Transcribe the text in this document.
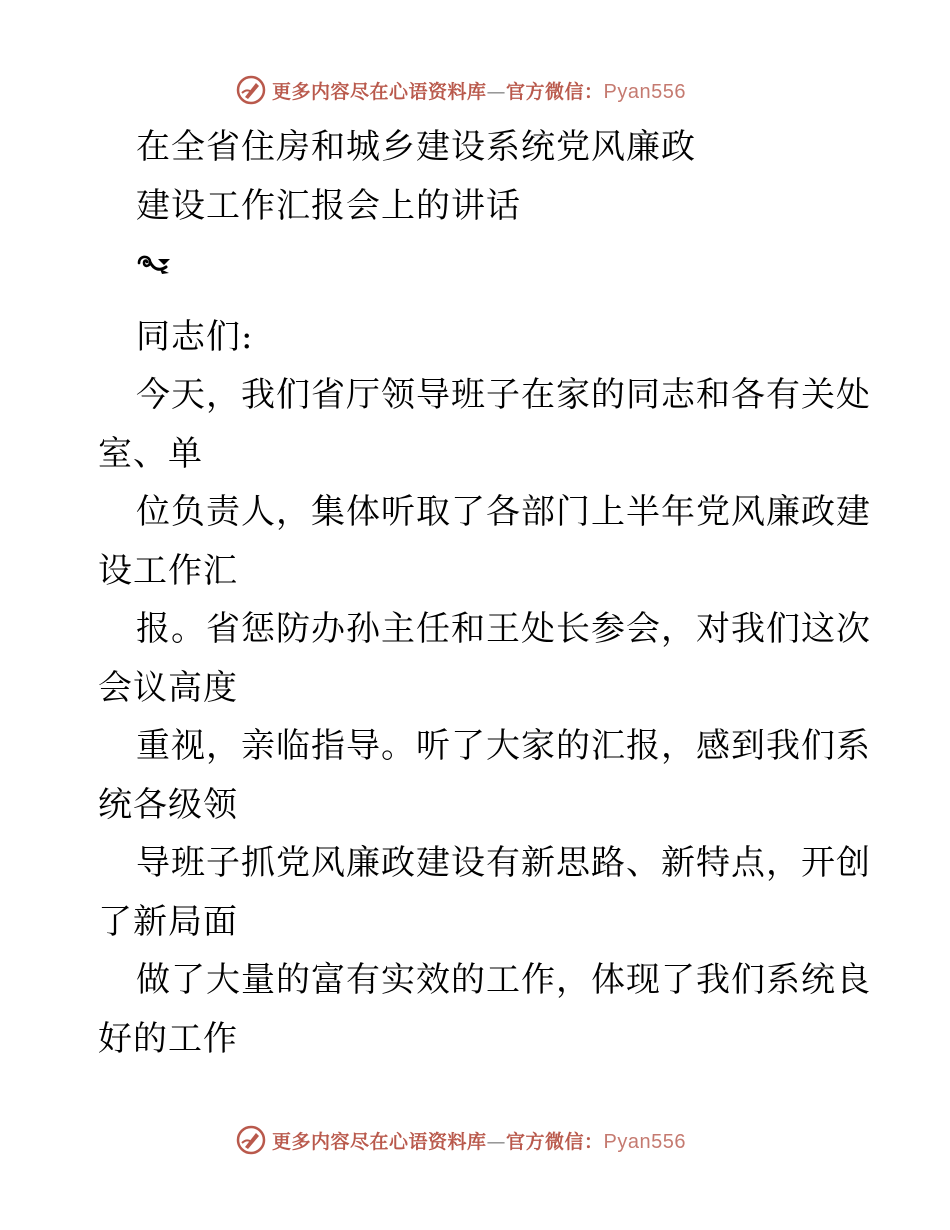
更多内容尽在心语资料库—官方微信：Pyan556
在全省住房和城乡建设系统党风廉政
建设工作汇报会上的讲话
同志们:
今天，我们省厅领导班子在家的同志和各有关处
室、单
位负责人，集体听取了各部门上半年党风廉政建
设工作汇
报。省惩防办孙主任和王处长参会，对我们这次
会议高度
重视，亲临指导。听了大家的汇报，感到我们系
统各级领
导班子抓党风廉政建设有新思路、新特点，开创
了新局面
做了大量的富有实效的工作，体现了我们系统良
好的工作
更多内容尽在心语资料库—官方微信：Pyan556
